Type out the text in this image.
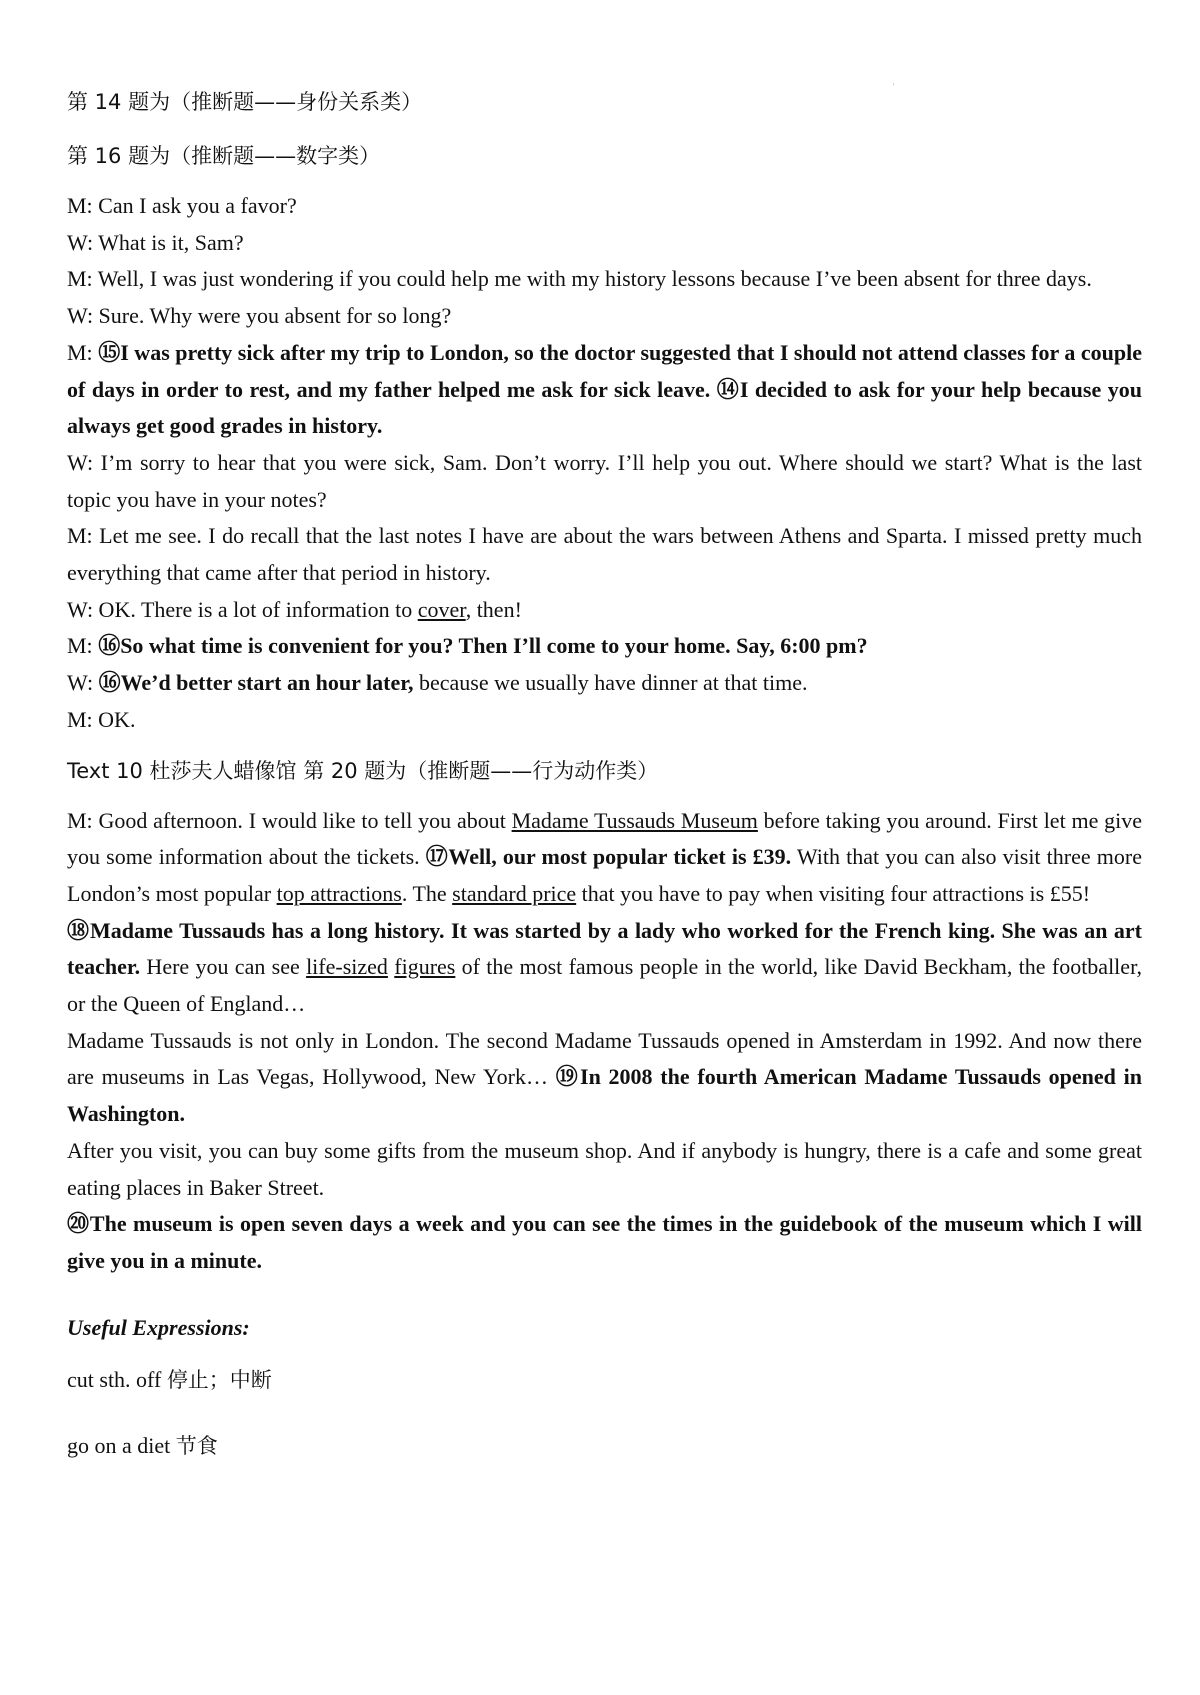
'

第 14 题为（推断题——身份关系类）

第 16 题为（推断题——数字类）

M: Can I ask you a favor?

W: What is it, Sam?

M: Well, I was just wondering if you could help me with my history lessons because I’ve been absent for three days.

W: Sure. Why were you absent for so long?

M: ⑮I was pretty sick after my trip to London, so the doctor suggested that I should not attend classes for a couple of days in order to rest, and my father helped me ask for sick leave. ⑭I decided to ask for your help because you always get good grades in history.

W: I’m sorry to hear that you were sick, Sam. Don’t worry. I’ll help you out. Where should we start? What is the last topic you have in your notes?

M: Let me see. I do recall that the last notes I have are about the wars between Athens and Sparta. I missed pretty much everything that came after that period in history.

W: OK. There is a lot of information to cover, then!

M: ⑯So what time is convenient for you? Then I’ll come to your home. Say, 6:00 pm?

W: ⑯We’d better start an hour later, because we usually have dinner at that time.

M: OK.

Text 10 杜莎夫人蜡像馆 第 20 题为（推断题——行为动作类）

M: Good afternoon. I would like to tell you about Madame Tussauds Museum before taking you around. First let me give you some information about the tickets. ⑰Well, our most popular ticket is £39. With that you can also visit three more London’s most popular top attractions. The standard price that you have to pay when visiting four attractions is £55!

⑱Madame Tussauds has a long history. It was started by a lady who worked for the French king. She was an art teacher. Here you can see life-sized figures of the most famous people in the world, like David Beckham, the footballer, or the Queen of England…

Madame Tussauds is not only in London. The second Madame Tussauds opened in Amsterdam in 1992. And now there are museums in Las Vegas, Hollywood, New York… ⑲In 2008 the fourth American Madame Tussauds opened in Washington.

After you visit, you can buy some gifts from the museum shop. And if anybody is hungry, there is a cafe and some great eating places in Baker Street.

⑳The museum is open seven days a week and you can see the times in the guidebook of the museum which I will give you in a minute.

Useful Expressions:

cut sth. off 停止；中断

go on a diet 节食
